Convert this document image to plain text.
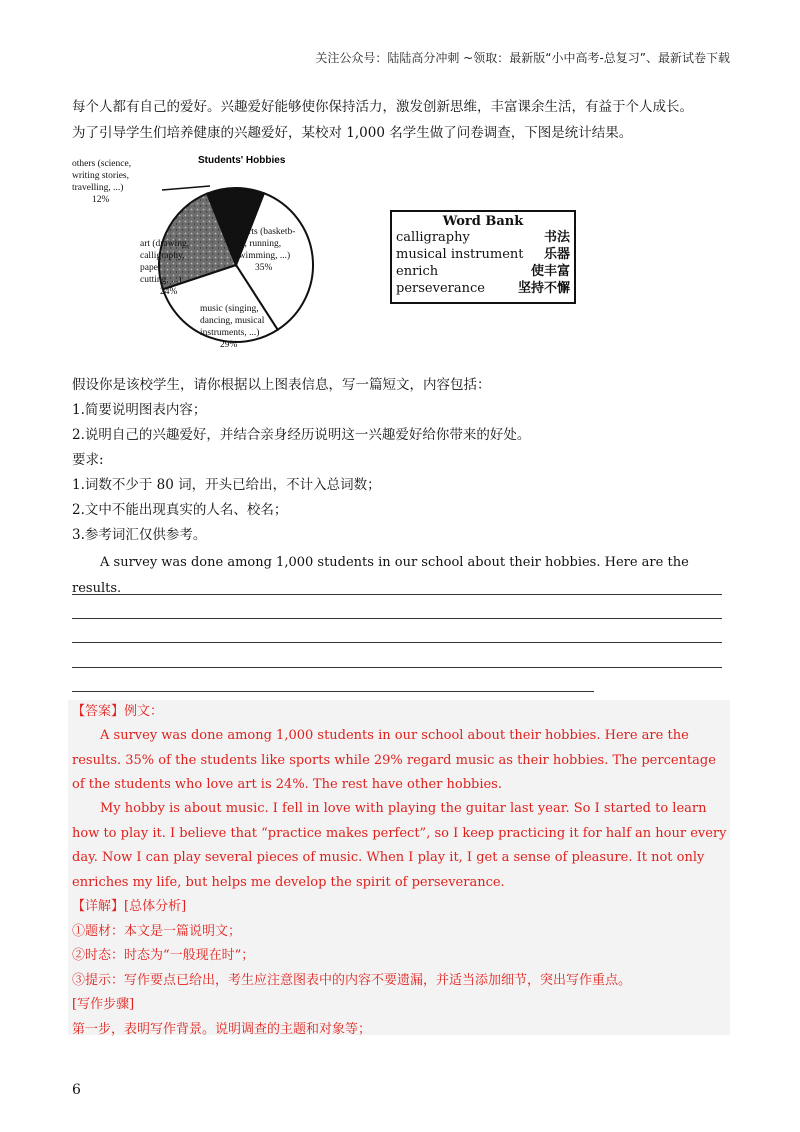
关注公众号：陆陆高分冲刺 ~领取：最新版“小中高考-总复习”、最新试卷下载
每个人都有自己的爱好。兴趣爱好能够使你保持活力，激发创新思维，丰富课余生活，有益于个人成长。
为了引导学生们培养健康的兴趣爱好，某校对 1,000 名学生做了问卷调查，下图是统计结果。
Students' Hobbies
sports (basketb-all, running, swimming, ...) 35%
music (singing, dancing, musical instruments, ...) 29%
art (drawing, calligraphy, paper cutting, ...) 24%
others (science, writing stories, travelling, ...) 12%
Word Bank
calligraphy	书法
musical instrument 乐器
enrich	使丰富
perseverance	坚持不懈
假设你是该校学生，请你根据以上图表信息，写一篇短文，内容包括：
1.简要说明图表内容；
2.说明自己的兴趣爱好，并结合亲身经历说明这一兴趣爱好给你带来的好处。
要求:
1.词数不少于 80 词，开头已给出，不计入总词数；
2.文中不能出现真实的人名、校名；
3.参考词汇仅供参考。
A survey was done among 1,000 students in our school about their hobbies. Here are the results.
【答案】例文：
A survey was done among 1,000 students in our school about their hobbies. Here are the results. 35% of the students like sports while 29% regard music as their hobbies. The percentage of the students who love art is 24%. The rest have other hobbies.
My hobby is about music. I fell in love with playing the guitar last year. So I started to learn how to play it. I believe that “practice makes perfect”, so I keep practicing it for half an hour every day. Now I can play several pieces of music. When I play it, I get a sense of pleasure. It not only enriches my life, but helps me develop the spirit of perseverance.
【详解】[总体分析]
①题材：本文是一篇说明文；
②时态：时态为“一般现在时”；
③提示：写作要点已给出，考生应注意图表中的内容不要遗漏，并适当添加细节，突出写作重点。
[写作步骤]
第一步，表明写作背景。说明调查的主题和对象等；
6
